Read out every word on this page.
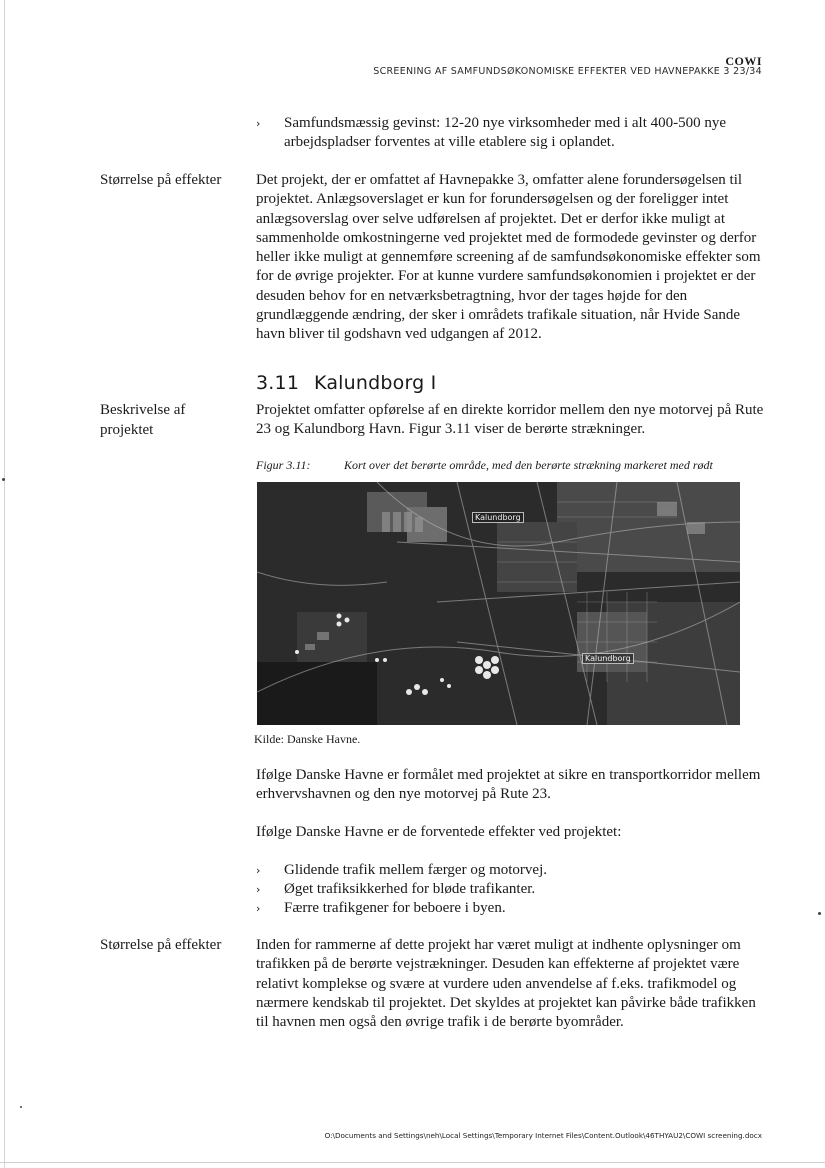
COWI
SCREENING AF SAMFUNDSØKONOMISKE EFFEKTER VED HAVNEPAKKE 3 23/34
› Samfundsmæssig gevinst: 12-20 nye virksomheder med i alt 400-500 nye arbejdspladser forventes at ville etablere sig i oplandet.
Størrelse på effekter	Det projekt, der er omfattet af Havnepakke 3, omfatter alene forundersøgelsen til projektet. Anlægsoverslaget er kun for forundersøgelsen og der foreligger intet anlægsoverslag over selve udførelsen af projektet. Det er derfor ikke muligt at sammenholde omkostningerne ved projektet med de formodede gevinster og derfor heller ikke muligt at gennemføre screening af de samfundsøkonomiske effekter som for de øvrige projekter. For at kunne vurdere samfundsøkonomien i projektet er der desuden behov for en netværksbetragtning, hvor der tages højde for den grundlæggende ændring, der sker i områdets trafikale situation, når Hvide Sande havn bliver til godshavn ved udgangen af 2012.
3.11 Kalundborg I
Beskrivelse af projektet
Projektet omfatter opførelse af en direkte korridor mellem den nye motorvej på Rute 23 og Kalundborg Havn. Figur 3.11 viser de berørte strækninger.
Figur 3.11:	Kort over det berørte område, med den berørte strækning markeret med rødt
Kalundborg
Kalundborg
Kilde: Danske Havne.
Ifølge Danske Havne er formålet med projektet at sikre en transportkorridor mellem erhvervshavnen og den nye motorvej på Rute 23.
Ifølge Danske Havne er de forventede effekter ved projektet:
› Glidende trafik mellem færger og motorvej.
› Øget trafiksikkerhed for bløde trafikanter.
› Færre trafikgener for beboere i byen.
Størrelse på effekter	Inden for rammerne af dette projekt har været muligt at indhente oplysninger om trafikken på de berørte vejstrækninger. Desuden kan effekterne af projektet være relativt komplekse og svære at vurdere uden anvendelse af f.eks. trafikmodel og nærmere kendskab til projektet. Det skyldes at projektet kan påvirke både trafikken til havnen men også den øvrige trafik i de berørte byområder.
O:\Documents and Settings\neh\Local Settings\Temporary Internet Files\Content.Outlook\46THYAU2\COWI screening.docx
